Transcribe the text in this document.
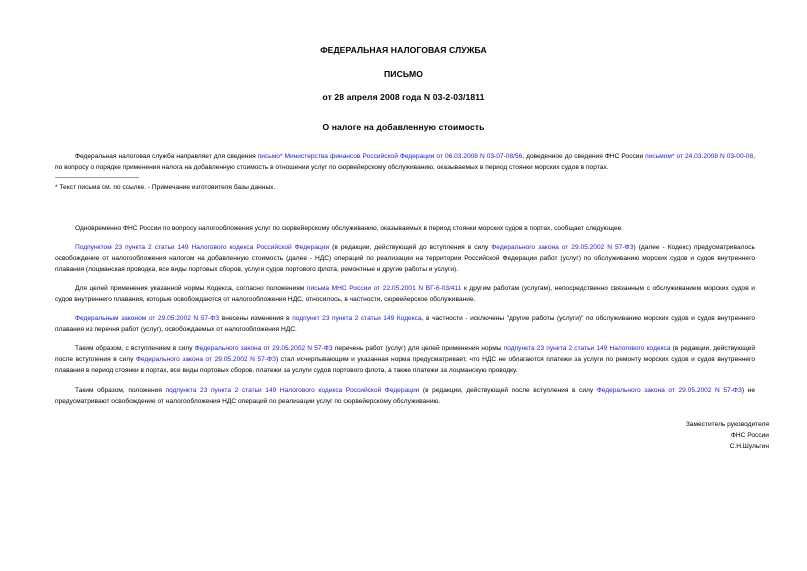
ФЕДЕРАЛЬНАЯ НАЛОГОВАЯ СЛУЖБА
ПИСЬМО
от 28 апреля 2008 года N 03-2-03/1811
О налоге на добавленную стоимость

Федеральная налоговая служба направляет для сведения письмо* Министерства финансов Российской Федерации от 06.03.2008 N 03-07-08/56, доведенное до сведения ФНС России письмом* от 24.03.2008 N 03-00-08, по вопросу о порядке применения налога на добавленную стоимость в отношении услуг по сюрвейерскому обслуживанию, оказываемых в период стоянки морских судов в портах.

* Текст письма см. по ссылке. - Примечание изготовителя базы данных.

Одновременно ФНС России по вопросу налогообложения услуг по сюрвейерскому обслуживанию, оказываемых в период стоянки морских судов в портах, сообщает следующее.

Подпунктом 23 пункта 2 статьи 149 Налогового кодекса Российской Федерации (в редакции, действующей до вступления в силу Федерального закона от 29.05.2002 N 57-ФЗ) (далее - Кодекс) предусматривалось освобождение от налогообложения налогом на добавленную стоимость (далее - НДС) операций по реализации на территории Российской Федерации работ (услуг) по обслуживанию морских судов и судов внутреннего плавания (лоцманская проводка, все виды портовых сборов, услуги судов портового флота, ремонтные и другие работы и услуги).

Для целей применения указанной нормы Кодекса, согласно положениям письма МНС России от 22.05.2001 N ВГ-6-03/411 к другим работам (услугам), непосредственно связанным с обслуживанием морских судов и судов внутреннего плавания, которые освобождаются от налогообложения НДС, относилось, в частности, сюрвейерское обслуживание.

Федеральным законом от 29.05.2002 N 57-ФЗ внесены изменения в подпункт 23 пункта 2 статьи 149 Кодекса, в частности - исключены "другие работы (услуги)" по обслуживанию морских судов и судов внутреннего плавания из перечня работ (услуг), освобождаемых от налогообложения НДС.

Таким образом, с вступлением в силу Федерального закона от 29.05.2002 N 57-ФЗ перечень работ (услуг) для целей применения нормы подпункта 23 пункта 2 статьи 149 Налогового кодекса (в редакции, действующей после вступления в силу Федерального закона от 29.05.2002 N 57-ФЗ) стал исчерпывающим и указанная норма предусматривает, что НДС не облагаются платежи за услуги по ремонту морских судов и судов внутреннего плавания в период стоянки в портах, все виды портовых сборов, платежи за услуги судов портового флота, а также платежи за лоцманскую проводку.

Таким образом, положения подпункта 23 пункта 2 статьи 149 Налогового кодекса Российской Федерации (в редакции, действующей после вступления в силу Федерального закона от 29.05.2002 N 57-ФЗ) не предусматривают освобождение от налогообложения НДС операций по реализации услуг по сюрвейерскому обслуживанию.

Заместитель руководителя
ФНС России
С.Н.Шульгин
